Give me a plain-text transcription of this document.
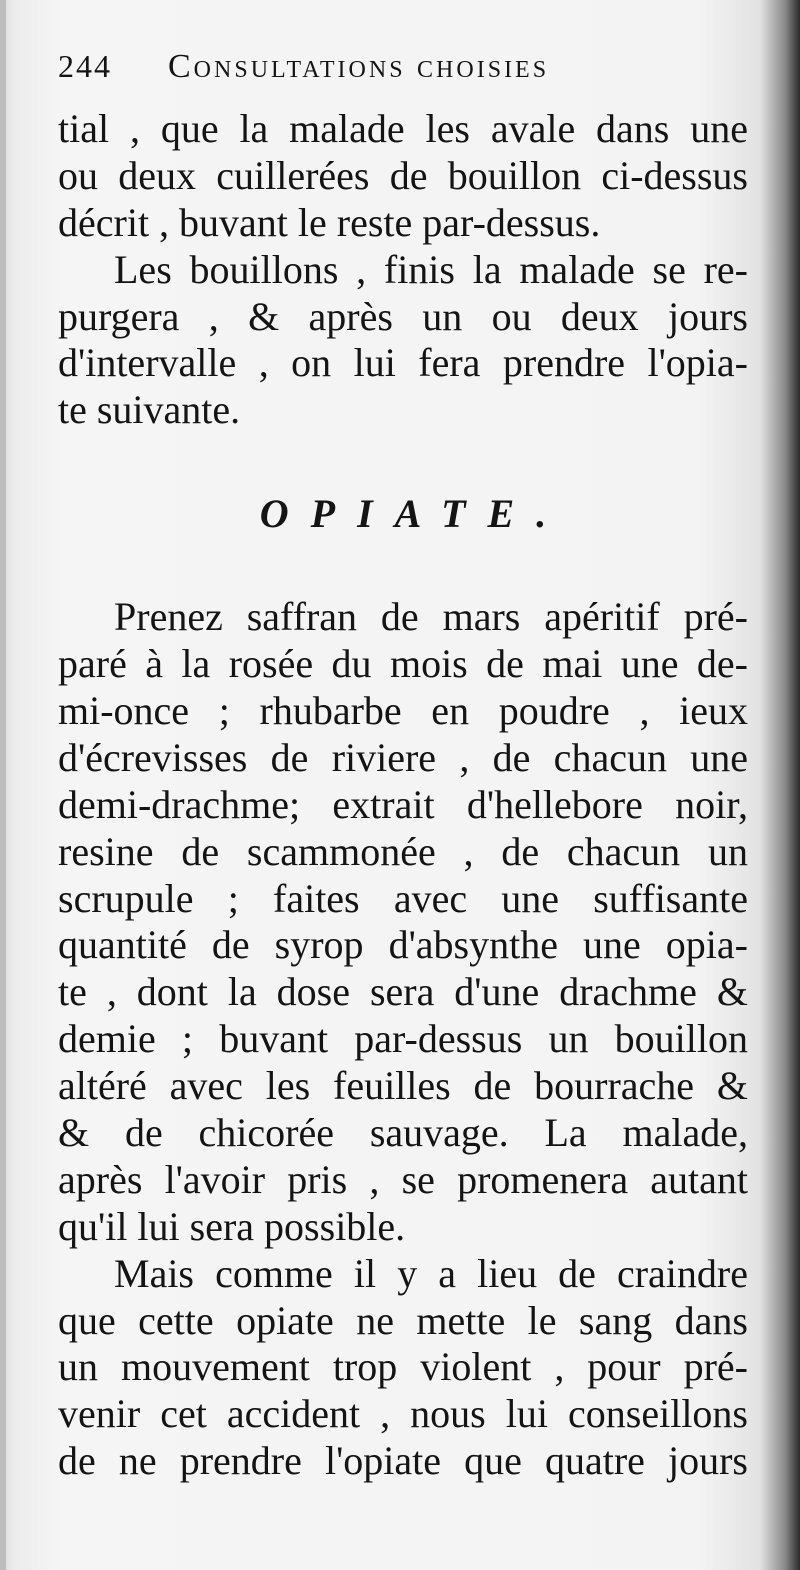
244	Consultations choisies
tial , que la malade les avale dans une
ou deux cuillerées de bouillon ci-dessus
décrit , buvant le reste par-dessus.
Les bouillons , finis la malade se re-
purgera , & après un ou deux jours
d'intervalle , on lui fera prendre l'opia-
te suivante.
OPIATE.
Prenez saffran de mars apéritif pré-
paré à la rosée du mois de mai une de-
mi-once ; rhubarbe en poudre , ieux
d'écrevisses de riviere , de chacun une
demi-drachme; extrait d'hellebore noir,
resine de scammonée , de chacun un
scrupule ; faites avec une suffisante
quantité de syrop d'absynthe une opia-
te , dont la dose sera d'une drachme &
demie ; buvant par-dessus un bouillon
altéré avec les feuilles de bourrache &
& de chicorée sauvage. La malade,
après l'avoir pris , se promenera autant
qu'il lui sera possible.
Mais comme il y a lieu de craindre
que cette opiate ne mette le sang dans
un mouvement trop violent , pour pré-
venir cet accident , nous lui conseillons
de ne prendre l'opiate que quatre jours
